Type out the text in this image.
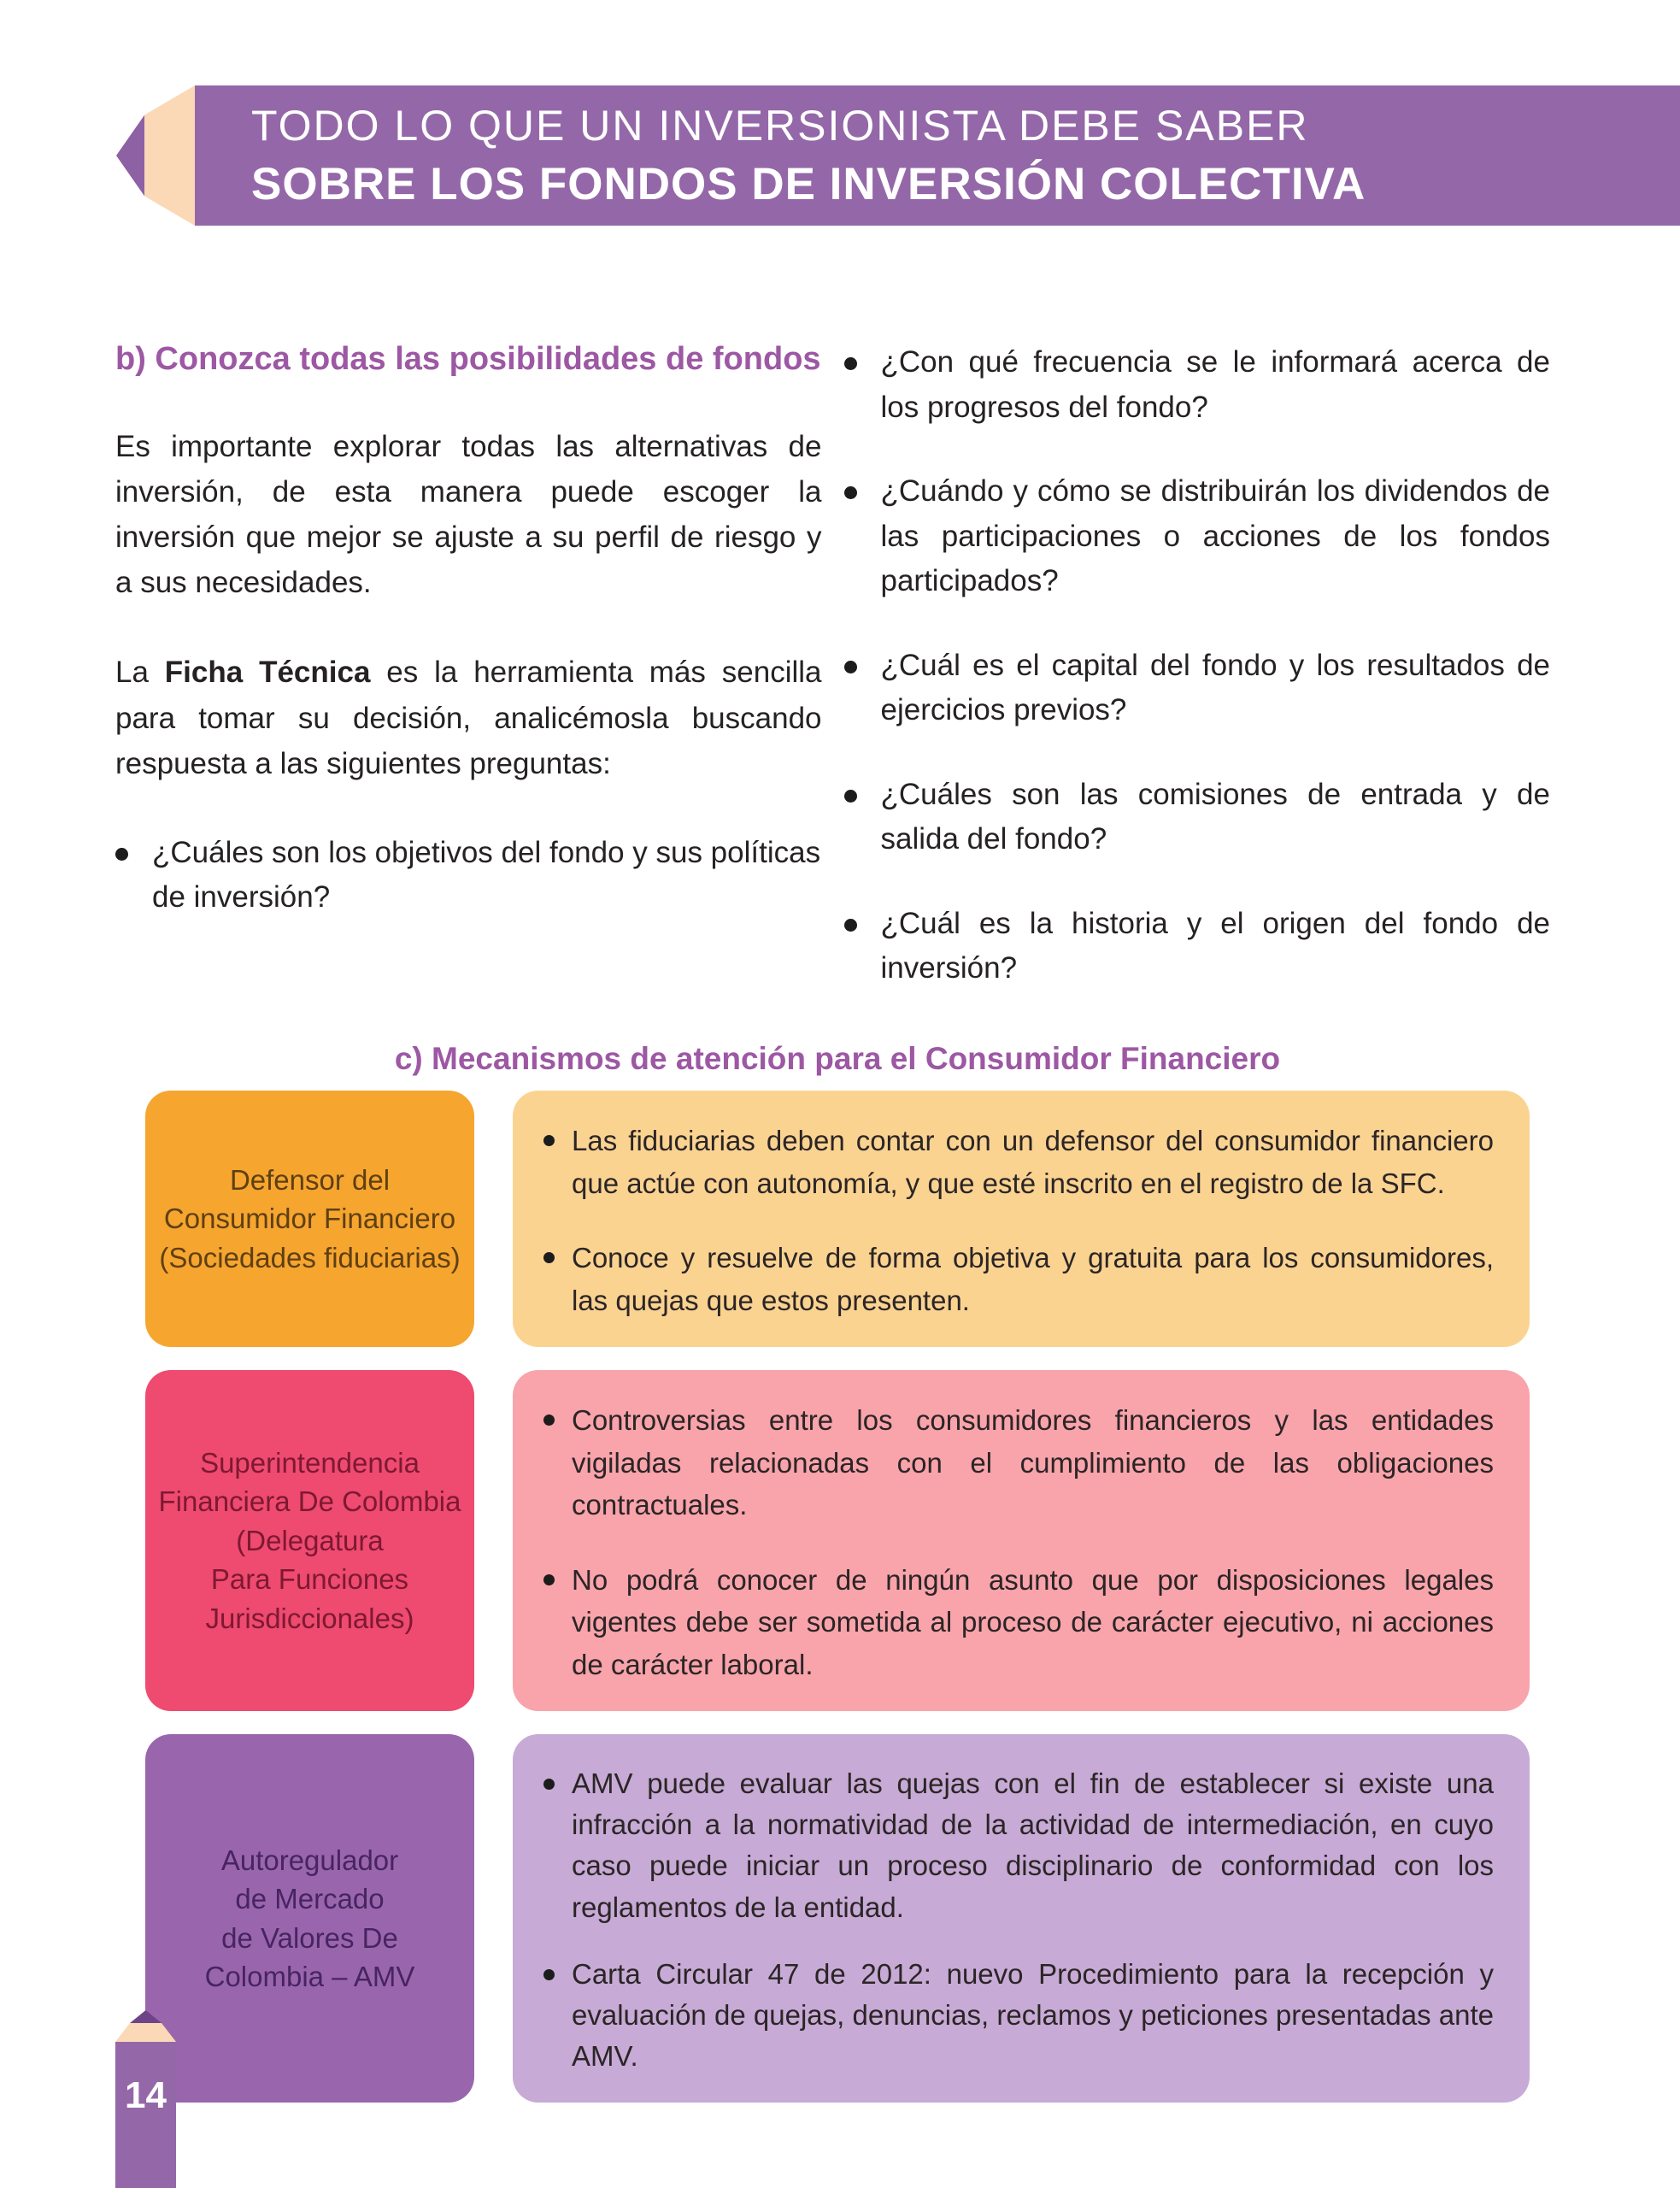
TODO LO QUE UN INVERSIONISTA DEBE SABER
SOBRE LOS FONDOS DE INVERSIÓN COLECTIVA
b) Conozca todas las posibilidades de fondos

Es importante explorar todas las alternativas de inversión, de esta manera puede escoger la inversión que mejor se ajuste a su perfil de riesgo y a sus necesidades.

La Ficha Técnica es la herramienta más sencilla para tomar su decisión, analicémosla buscando respuesta a las siguientes preguntas:

¿Cuáles son los objetivos del fondo y sus políticas de inversión?
¿Con qué frecuencia se le informará acerca de los progresos del fondo?
¿Cuándo y cómo se distribuirán los dividendos de las participaciones o acciones de los fondos participados?
¿Cuál es el capital del fondo y los resultados de ejercicios previos?
¿Cuáles son las comisiones de entrada y de salida del fondo?
¿Cuál es la historia y el origen del fondo de inversión?
c) Mecanismos de atención para el Consumidor Financiero
Defensor del
Consumidor Financiero
(Sociedades fiduciarias)
Las fiduciarias deben contar con un defensor del consumidor financiero que actúe con autonomía, y que esté inscrito en el registro de la SFC.
Conoce y resuelve de forma objetiva y gratuita para los consumidores, las quejas que estos presenten.
Superintendencia
Financiera De Colombia
(Delegatura
Para Funciones
Jurisdiccionales)
Controversias entre los consumidores financieros y las entidades vigiladas relacionadas con el cumplimiento de las obligaciones contractuales.
No podrá conocer de ningún asunto que por disposiciones legales vigentes debe ser sometida al proceso de carácter ejecutivo, ni acciones de carácter laboral.
Autoregulador
de Mercado
de Valores De
Colombia – AMV
AMV puede evaluar las quejas con el fin de establecer si existe una infracción a la normatividad de la actividad de intermediación, en cuyo caso puede iniciar un proceso disciplinario de conformidad con los reglamentos de la entidad.
Carta Circular 47 de 2012: nuevo Procedimiento para la recepción y evaluación de quejas, denuncias, reclamos y peticiones presentadas ante AMV.
14
